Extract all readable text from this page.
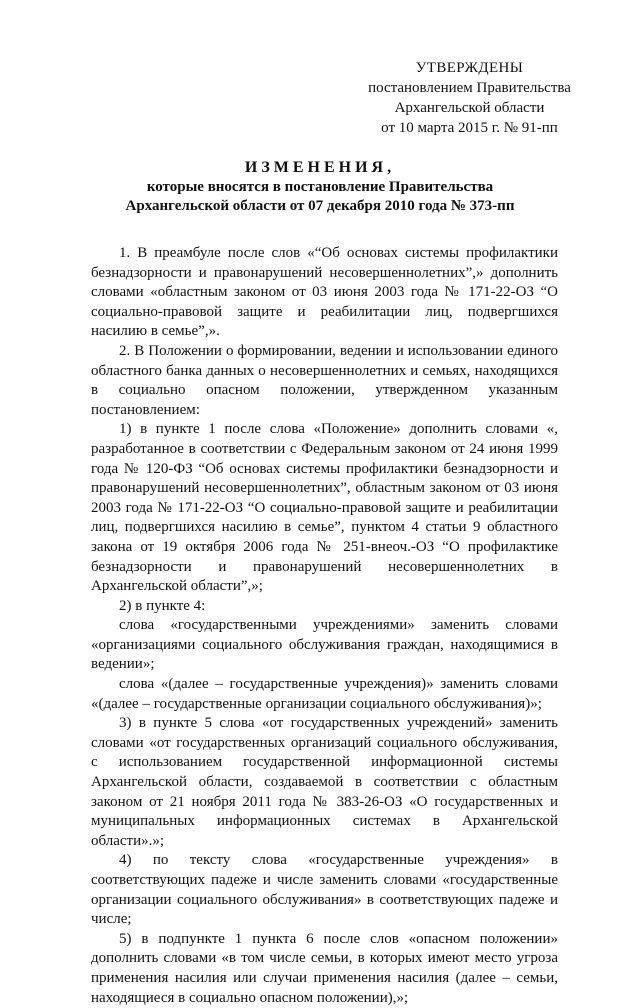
УТВЕРЖДЕНЫ
постановлением Правительства
Архангельской области
от 10 марта 2015 г. № 91-пп
ИЗМЕНЕНИЯ,
которые вносятся в постановление Правительства
Архангельской области от 07 декабря 2010 года № 373-пп

1. В преамбуле после слов «“Об основах системы профилактики безнадзорности и правонарушений несовершеннолетних”,» дополнить словами «областным законом от 03 июня 2003 года № 171-22-ОЗ “О социально-правовой защите и реабилитации лиц, подвергшихся насилию в семье”,».

2. В Положении о формировании, ведении и использовании единого областного банка данных о несовершеннолетних и семьях, находящихся в социально опасном положении, утвержденном указанным постановлением:

1) в пункте 1 после слова «Положение» дополнить словами «, разработанное в соответствии с Федеральным законом от 24 июня 1999 года № 120-ФЗ “Об основах системы профилактики безнадзорности и правонарушений несовершеннолетних”, областным законом от 03 июня 2003 года № 171-22-ОЗ “О социально-правовой защите и реабилитации лиц, подвергшихся насилию в семье”, пунктом 4 статьи 9 областного закона от 19 октября 2006 года № 251-внеоч.-ОЗ “О профилактике безнадзорности и правонарушений несовершеннолетних в Архангельской области”,»;

2) в пункте 4:

слова «государственными учреждениями» заменить словами «организациями социального обслуживания граждан, находящимися в ведении»;

слова «(далее – государственные учреждения)» заменить словами «(далее – государственные организации социального обслуживания)»;

3) в пункте 5 слова «от государственных учреждений» заменить словами «от государственных организаций социального обслуживания, с использованием государственной информационной системы Архангельской области, создаваемой в соответствии с областным законом от 21 ноября 2011 года № 383-26-ОЗ «О государственных и муниципальных информационных системах в Архангельской области».»;

4) по тексту слова «государственные учреждения» в соответствующих падеже и числе заменить словами «государственные организации социального обслуживания» в соответствующих падеже и числе;

5) в подпункте 1 пункта 6 после слов «опасном положении» дополнить словами «в том числе семьи, в которых имеют место угроза применения насилия или случаи применения насилия (далее – семьи, находящиеся в социально опасном положении),»;
